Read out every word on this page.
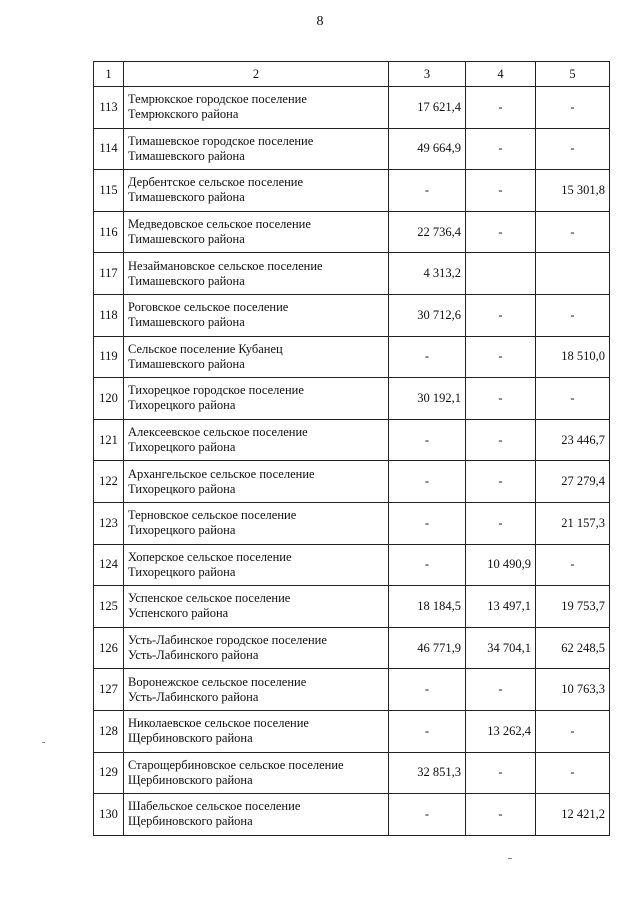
8
1	2	3	4	5
113	Темрюкское городское поселение
Темрюкского района	17 621,4	-	-
114	Тимашевское городское поселение
Тимашевского района	49 664,9	-	-
115	Дербентское сельское поселение
Тимашевского района	-	-	15 301,8
116	Медведовское сельское поселение
Тимашевского района	22 736,4	-	-
117	Незаймановское сельское поселение
Тимашевского района	4 313,2		
118	Роговское сельское поселение
Тимашевского района	30 712,6	-	-
119	Сельское поселение Кубанец
Тимашевского района	-	-	18 510,0
120	Тихорецкое городское поселение
Тихорецкого района	30 192,1	-	-
121	Алексеевское сельское поселение
Тихорецкого района	-	-	23 446,7
122	Архангельское сельское поселение
Тихорецкого района	-	-	27 279,4
123	Терновское сельское поселение
Тихорецкого района	-	-	21 157,3
124	Хоперское сельское поселение
Тихорецкого района	-	10 490,9	-
125	Успенское сельское поселение
Успенского района	18 184,5	13 497,1	19 753,7
126	Усть-Лабинское городское поселение
Усть-Лабинского района	46 771,9	34 704,1	62 248,5
127	Воронежское сельское поселение
Усть-Лабинского района	-	-	10 763,3
128	Николаевское сельское поселение
Щербиновского района	-	13 262,4	-
129	Старощербиновское сельское поселение
Щербиновского района	32 851,3	-	-
130	Шабельское сельское поселение
Щербиновского района	-	-	12 421,2
